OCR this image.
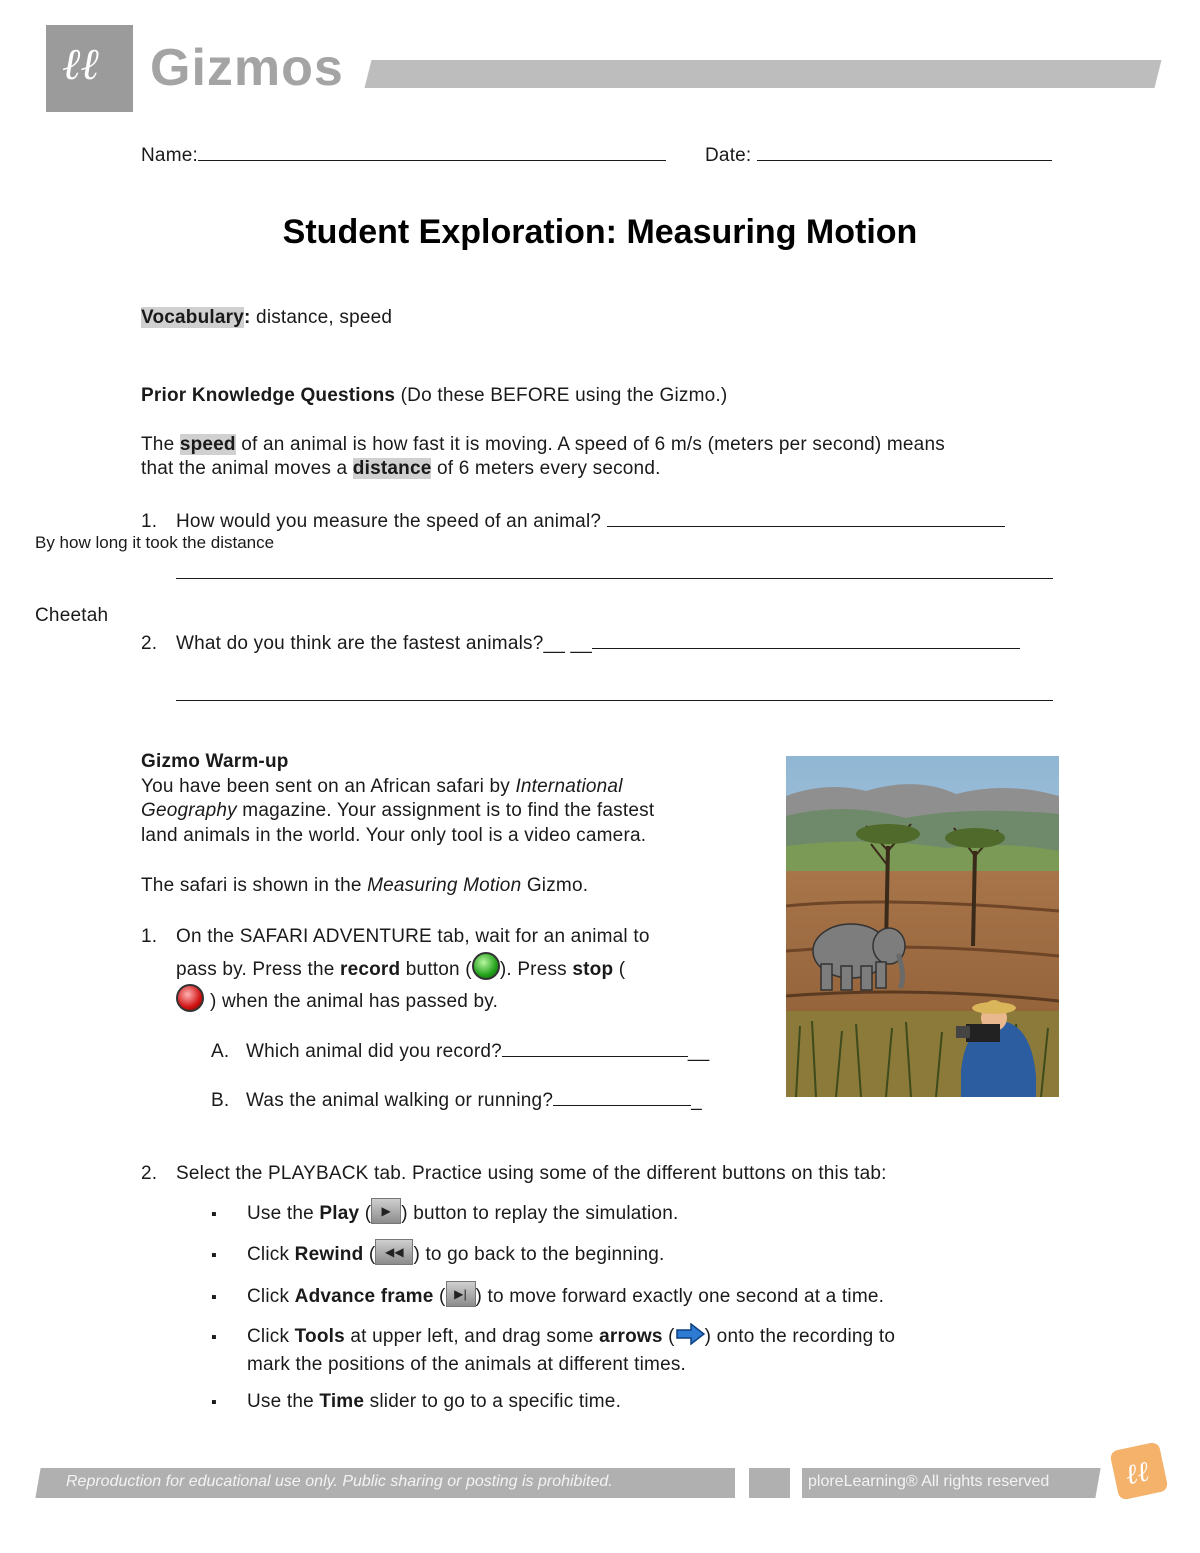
ℓℓ Gizmos
Name:	Date:
Student Exploration: Measuring Motion
Vocabulary: distance, speed
Prior Knowledge Questions (Do these BEFORE using the Gizmo.)
The speed of an animal is how fast it is moving. A speed of 6 m/s (meters per second) means
that the animal moves a distance of 6 meters every second.
1. How would you measure the speed of an animal?
By how long it took the distance
Cheetah
2. What do you think are the fastest animals?__ __
Gizmo Warm-up
You have been sent on an African safari by International
Geography magazine. Your assignment is to find the fastest
land animals in the world. Your only tool is a video camera.
The safari is shown in the Measuring Motion Gizmo.
1. On the SAFARI ADVENTURE tab, wait for an animal to
pass by. Press the record button ( ). Press stop (
) when the animal has passed by.
A. Which animal did you record?	__
B. Was the animal walking or running?	_
2. Select the PLAYBACK tab. Practice using some of the different buttons on this tab:
▪ Use the Play ( ▶ ) button to replay the simulation.
▪ Click Rewind ( ◀◀ ) to go back to the beginning.
▪ Click Advance frame ( ▶| ) to move forward exactly one second at a time.
▪ Click Tools at upper left, and drag some arrows ( ) onto the recording to
mark the positions of the animals at different times.
▪ Use the Time slider to go to a specific time.
Reproduction for educational use only. Public sharing or posting is prohibited.	ploreLearning® All rights reserved	ℓℓ
